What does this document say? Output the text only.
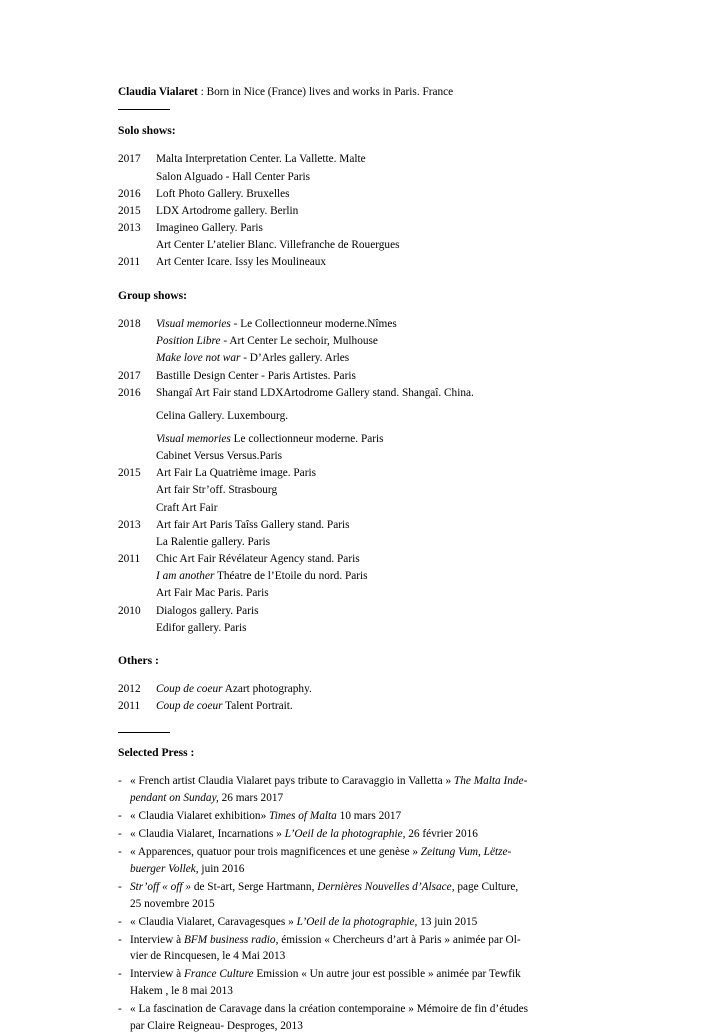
Claudia Vialaret : Born in Nice (France) lives and works in Paris. France

Solo shows:
2017	Malta Interpretation Center. La Vallette. Malte
Salon Alguado - Hall Center Paris
2016	Loft Photo Gallery. Bruxelles
2015	LDX Artodrome gallery. Berlin
2013	Imagineo Gallery. Paris
Art Center L’atelier Blanc. Villefranche de Rouergues
2011	Art Center Icare. Issy les Moulineaux
Group shows:
2018	Visual memories - Le Collectionneur moderne.Nîmes
Position Libre - Art Center Le sechoir, Mulhouse
Make love not war - D’Arles gallery. Arles
2017	Bastille Design Center - Paris Artistes. Paris
2016	Shangaî Art Fair stand LDXArtodrome Gallery stand. Shangaî. China.
Celina Gallery. Luxembourg.
Visual memories Le collectionneur moderne. Paris
Cabinet Versus Versus.Paris
2015	Art Fair La Quatrième image. Paris
Art fair Str’off. Strasbourg
Craft Art Fair
2013	Art fair Art Paris Taîss Gallery stand. Paris
La Ralentie gallery. Paris
2011	Chic Art Fair Révélateur Agency stand. Paris
I am another Théatre de l’Etoile du nord. Paris
Art Fair Mac Paris. Paris
2010	Dialogos gallery. Paris
Edifor gallery. Paris
Others :
2012	Coup de coeur Azart photography.
2011	Coup de coeur Talent Portrait.
Selected Press :
- « French artist Claudia Vialaret pays tribute to Caravaggio in Valletta » The Malta Inde-
pendant on Sunday, 26 mars 2017
- « Claudia Vialaret exhibition» Times of Malta 10 mars 2017
- « Claudia Vialaret, Incarnations » L’Oeil de la photographie, 26 février 2016
- « Apparences, quatuor pour trois magnificences et une genèse » Zeitung Vum, Lëtze-
buerger Vollek, juin 2016
- Str’off « off » de St-art, Serge Hartmann, Dernières Nouvelles d’Alsace, page Culture,
25 novembre 2015
- « Claudia Vialaret, Caravagesques » L’Oeil de la photographie, 13 juin 2015
- Interview à BFM business radio, émission « Chercheurs d’art à Paris » animée par Ol-
vier de Rincquesen, le 4 Mai 2013
- Interview à France Culture Emission « Un autre jour est possible » animée par Tewfik
Hakem , le 8 mai 2013
- « La fascination de Caravage dans la création contemporaine » Mémoire de fin d’études
par Claire Reigneau- Desproges, 2013
